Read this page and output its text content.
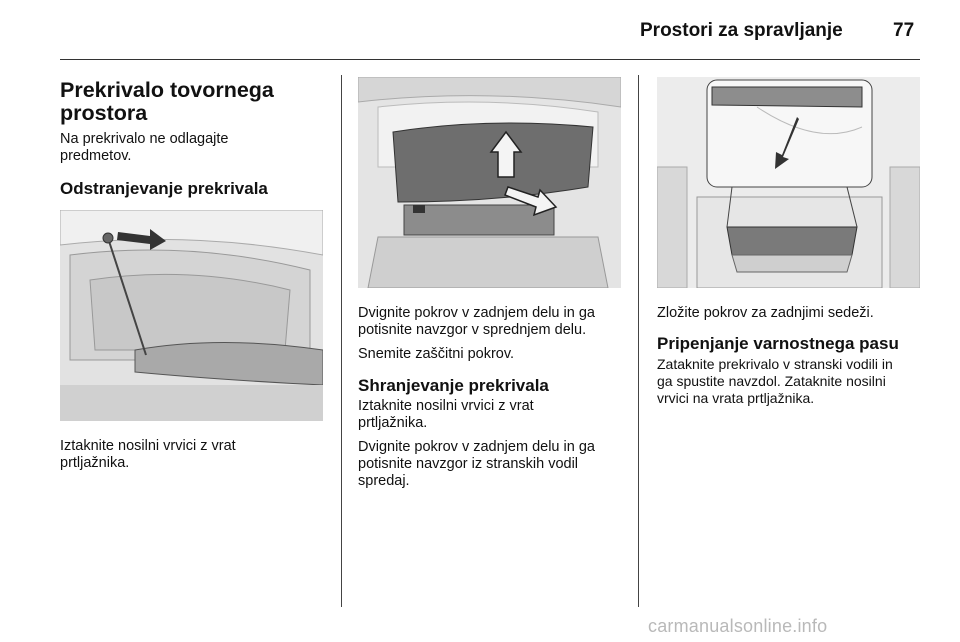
Prostori za spravljanje	77
Prekrivalo tovornega
prostora
Na prekrivalo ne odlagajte
predmetov.
Odstranjevanje prekrivala
Iztaknite nosilni vrvici z vrat
prtljažnika.
Dvignite pokrov v zadnjem delu in ga
potisnite navzgor v sprednjem delu.
Snemite zaščitni pokrov.
Shranjevanje prekrivala
Iztaknite nosilni vrvici z vrat
prtljažnika.
Dvignite pokrov v zadnjem delu in ga
potisnite navzgor iz stranskih vodil
spredaj.
Zložite pokrov za zadnjimi sedeži.
Pripenjanje varnostnega pasu
Zataknite prekrivalo v stranski vodili in
ga spustite navzdol. Zataknite nosilni
vrvici na vrata prtljažnika.
carmanualsonline.info
